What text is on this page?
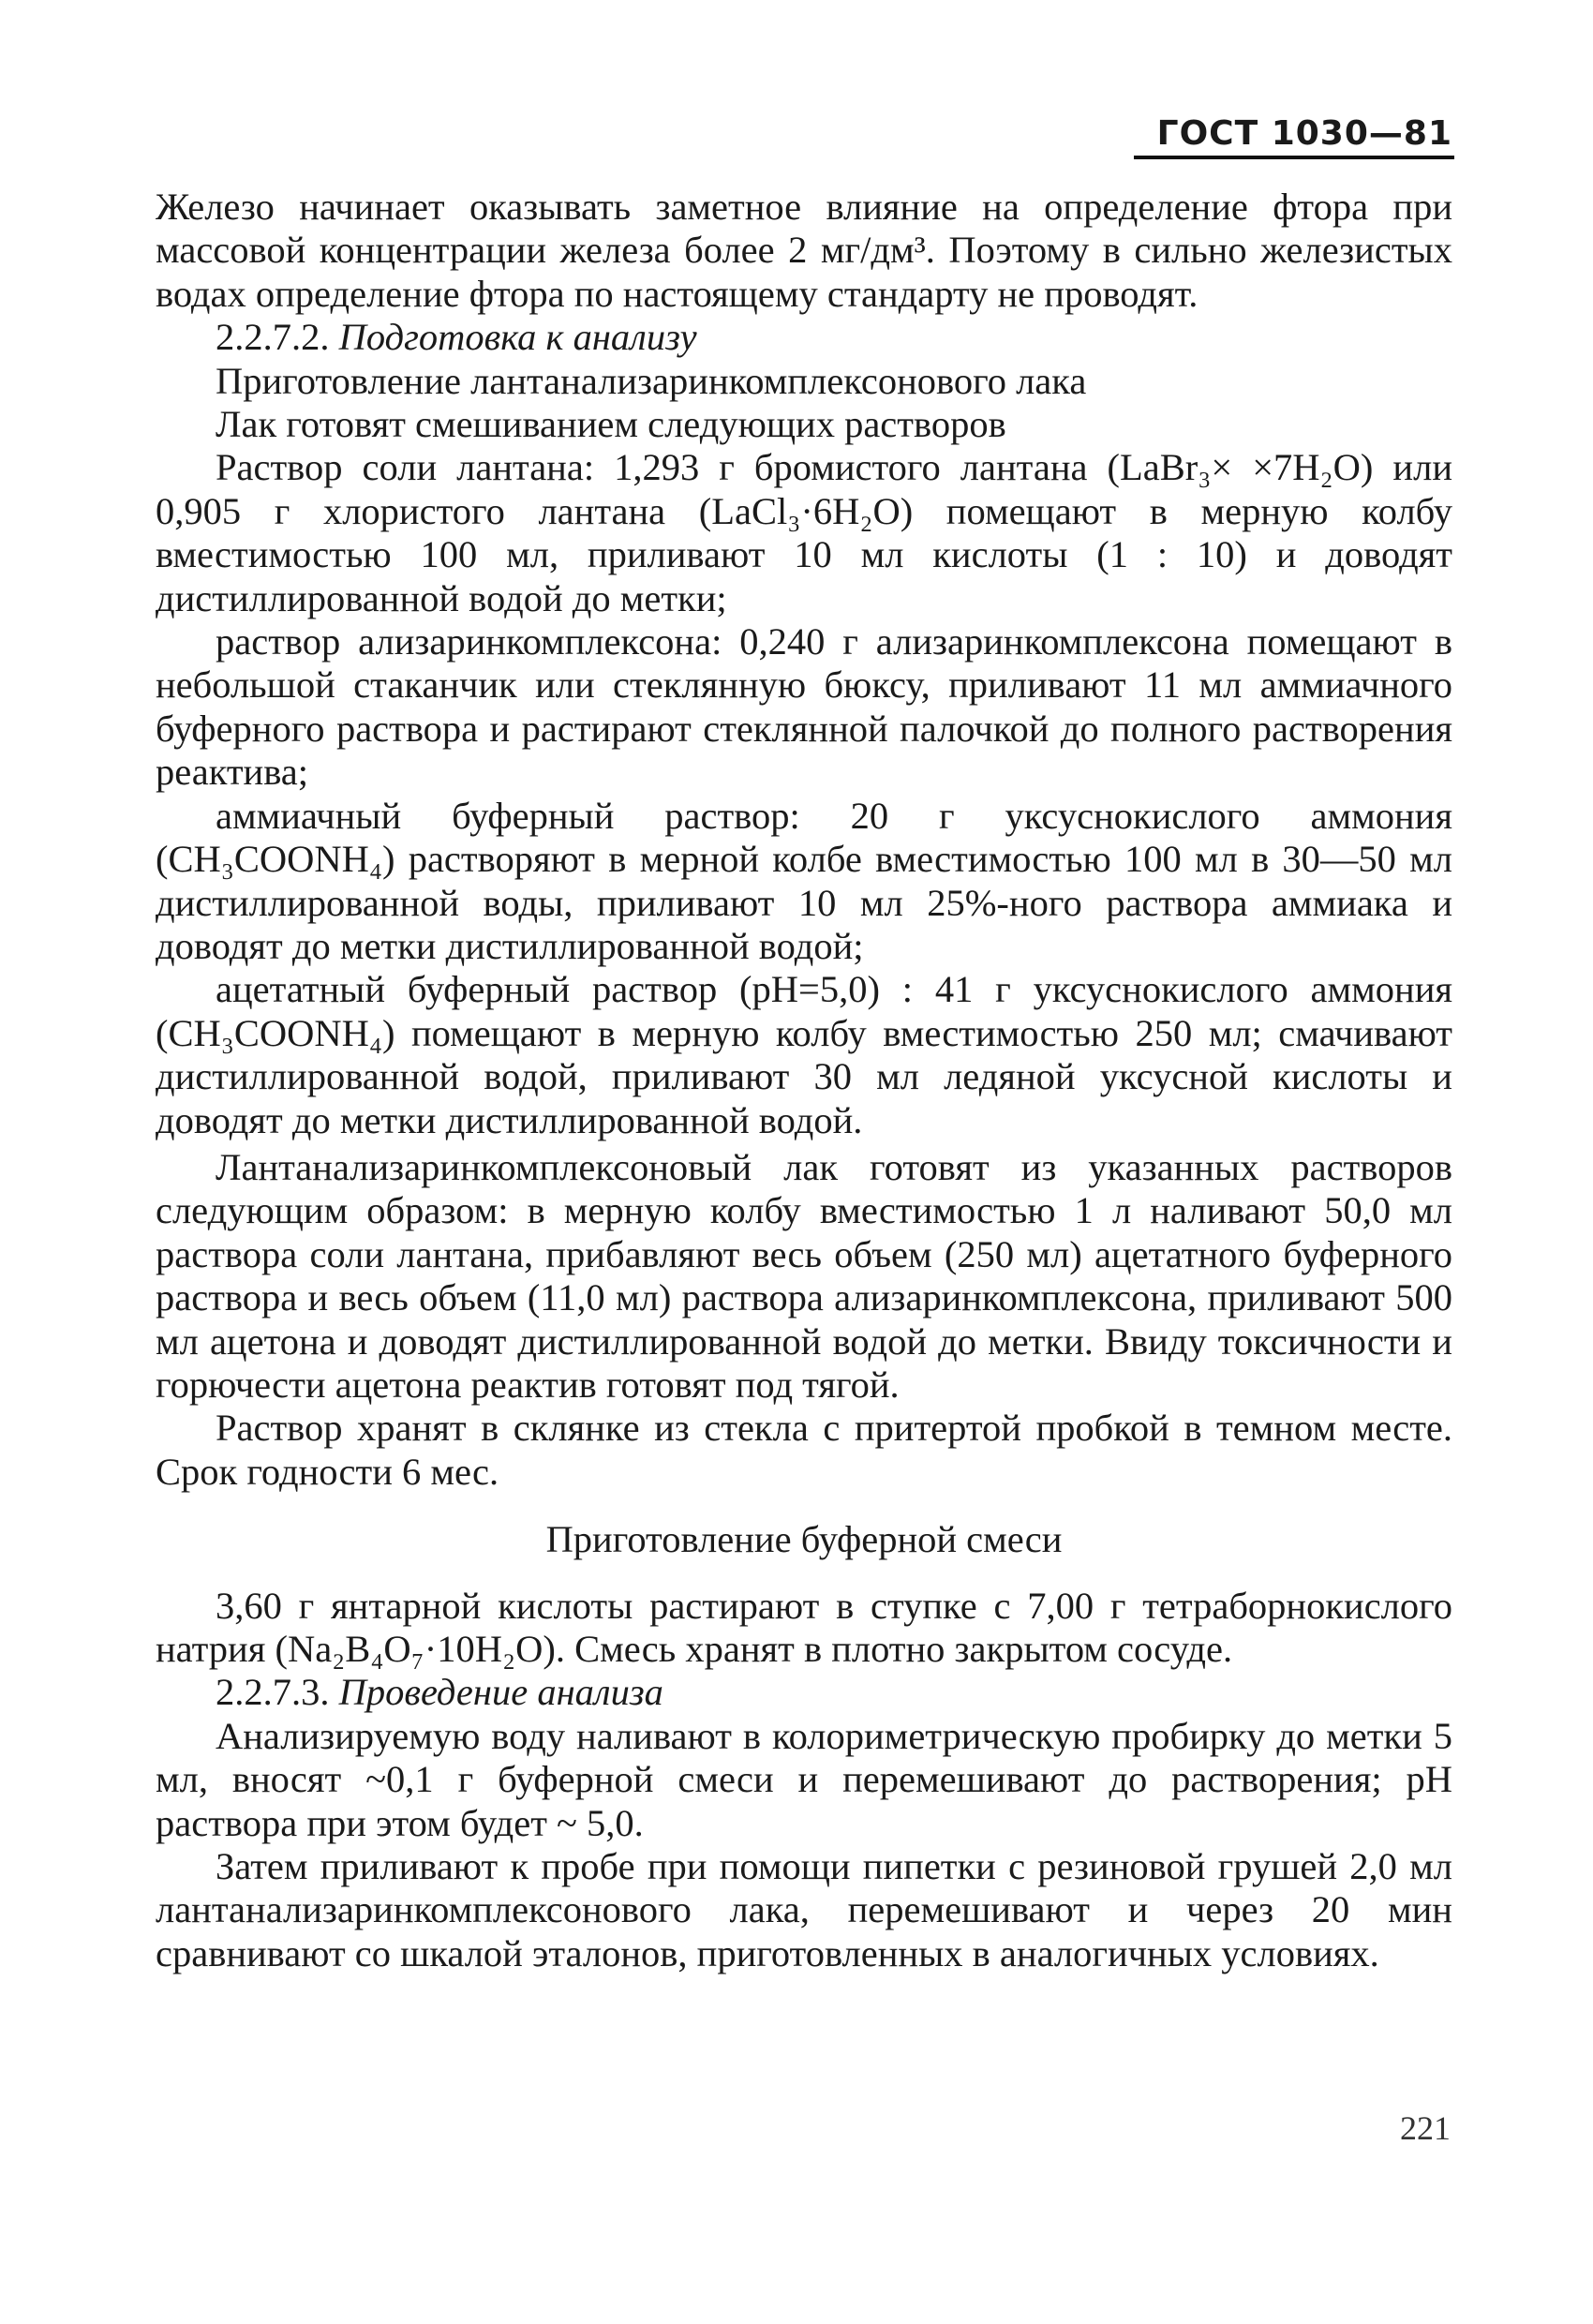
ГОСТ 1030—81

Железо начинает оказывать заметное влияние на определение фтора при массовой концентрации железа более 2 мг/дм³. Поэтому в сильно железистых водах определение фтора по настоящему стандарту не проводят.

2.2.7.2. Подготовка к анализу

Приготовление лантанализаринкомплексонового лака

Лак готовят смешиванием следующих растворов

Раствор соли лантана: 1,293 г бромистого лантана (LaBr₃× ×7H₂O) или 0,905 г хлористого лантана (LaCl₃·6H₂O) помещают в мерную колбу вместимостью 100 мл, приливают 10 мл кислоты (1 : 10) и доводят дистиллированной водой до метки;

раствор ализаринкомплексона: 0,240 г ализаринкомплексона помещают в небольшой стаканчик или стеклянную бюксу, приливают 11 мл аммиачного буферного раствора и растирают стеклянной палочкой до полного растворения реактива;

аммиачный буферный раствор: 20 г уксуснокислого аммония (CH₃COONH₄) растворяют в мерной колбе вместимостью 100 мл в 30—50 мл дистиллированной воды, приливают 10 мл 25%-ного раствора аммиака и доводят до метки дистиллированной водой;

ацетатный буферный раствор (pH=5,0) : 41 г уксуснокислого аммония (CH₃COONH₄) помещают в мерную колбу вместимостью 250 мл; смачивают дистиллированной водой, приливают 30 мл ледяной уксусной кислоты и доводят до метки дистиллированной водой.

Лантанализаринкомплексоновый лак готовят из указанных растворов следующим образом: в мерную колбу вместимостью 1 л наливают 50,0 мл раствора соли лантана, прибавляют весь объем (250 мл) ацетатного буферного раствора и весь объем (11,0 мл) раствора ализаринкомплексона, приливают 500 мл ацетона и доводят дистиллированной водой до метки. Ввиду токсичности и горючести ацетона реактив готовят под тягой.

Раствор хранят в склянке из стекла с притертой пробкой в темном месте. Срок годности 6 мес.

Приготовление буферной смеси

3,60 г янтарной кислоты растирают в ступке с 7,00 г тетраборнокислого натрия (Na₂B₄O₇·10H₂O). Смесь хранят в плотно закрытом сосуде.

2.2.7.3. Проведение анализа

Анализируемую воду наливают в колориметрическую пробирку до метки 5 мл, вносят ~0,1 г буферной смеси и перемешивают до растворения; pH раствора при этом будет ~ 5,0.

Затем приливают к пробе при помощи пипетки с резиновой грушей 2,0 мл лантанализаринкомплексонового лака, перемешивают и через 20 мин сравнивают со шкалой эталонов, приготовленных в аналогичных условиях.

221
